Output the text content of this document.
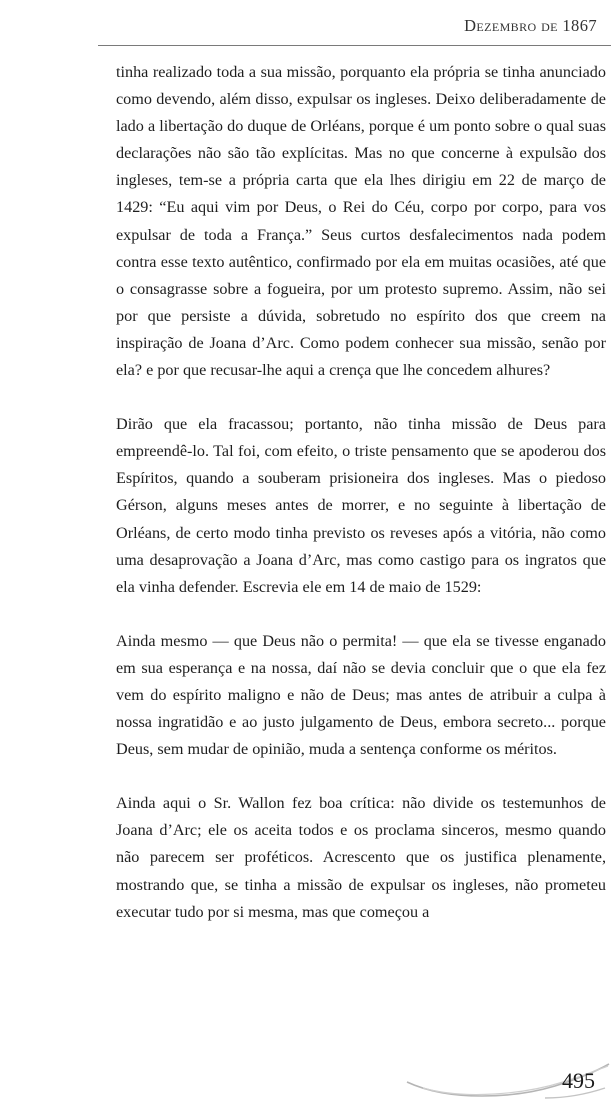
Dezembro de 1867

tinha realizado toda a sua missão, porquanto ela própria se tinha anunciado como devendo, além disso, expulsar os ingleses. Deixo deliberadamente de lado a libertação do duque de Orléans, porque é um ponto sobre o qual suas declarações não são tão explícitas. Mas no que concerne à expulsão dos ingleses, tem-se a própria carta que ela lhes dirigiu em 22 de março de 1429: “Eu aqui vim por Deus, o Rei do Céu, corpo por corpo, para vos expulsar de toda a França.” Seus curtos desfalecimentos nada podem contra esse texto autêntico, confirmado por ela em muitas ocasiões, até que o consagrasse sobre a fogueira, por um protesto supremo. Assim, não sei por que persiste a dúvida, sobretudo no espírito dos que creem na inspiração de Joana d’Arc. Como podem conhecer sua missão, senão por ela? e por que recusar-lhe aqui a crença que lhe concedem alhures?

Dirão que ela fracassou; portanto, não tinha missão de Deus para empreendê-lo. Tal foi, com efeito, o triste pensamento que se apoderou dos Espíritos, quando a souberam prisioneira dos ingleses. Mas o piedoso Gérson, alguns meses antes de morrer, e no seguinte à libertação de Orléans, de certo modo tinha previsto os reveses após a vitória, não como uma desaprovação a Joana d’Arc, mas como castigo para os ingratos que ela vinha defender. Escrevia ele em 14 de maio de 1529:

Ainda mesmo — que Deus não o permita! — que ela se tivesse enganado em sua esperança e na nossa, daí não se devia concluir que o que ela fez vem do espírito maligno e não de Deus; mas antes de atribuir a culpa à nossa ingratidão e ao justo julgamento de Deus, embora secreto... porque Deus, sem mudar de opinião, muda a sentença conforme os méritos.

Ainda aqui o Sr. Wallon fez boa crítica: não divide os testemunhos de Joana d’Arc; ele os aceita todos e os proclama sinceros, mesmo quando não parecem ser proféticos. Acrescento que os justifica plenamente, mostrando que, se tinha a missão de expulsar os ingleses, não prometeu executar tudo por si mesma, mas que começou a

495
